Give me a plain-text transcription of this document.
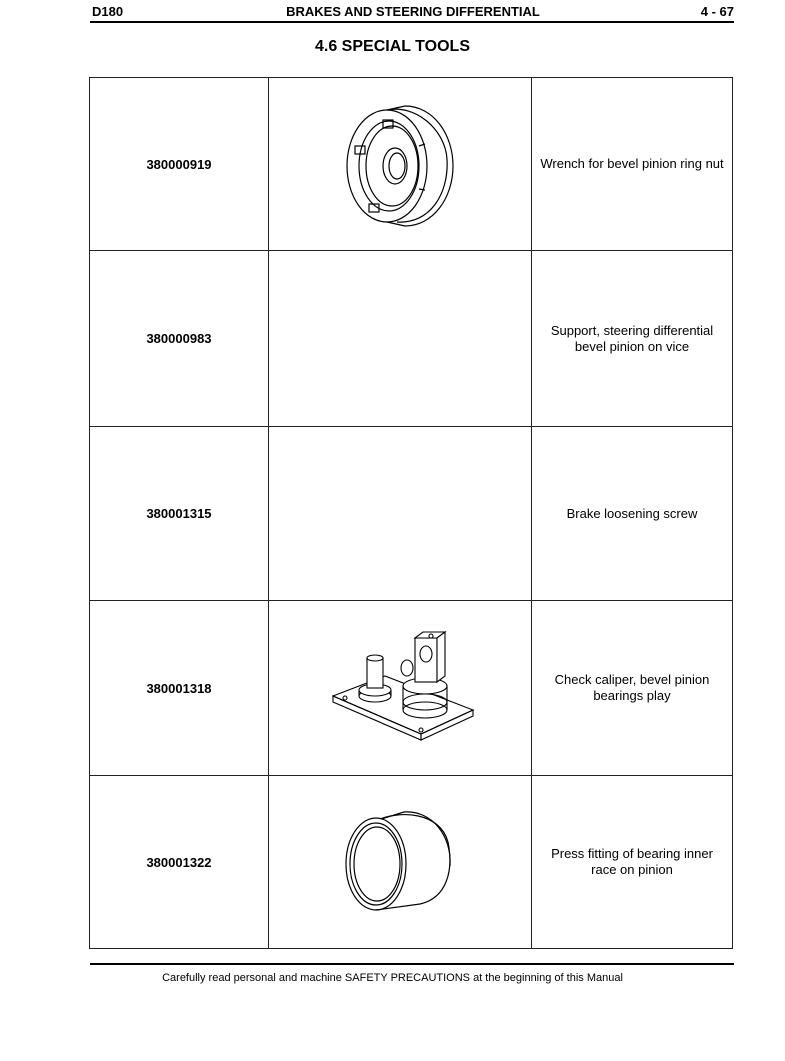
D180	BRAKES AND STEERING DIFFERENTIAL	4 - 67
4.6 SPECIAL TOOLS
380000919		Wrench for bevel pinion ring nut

380000983		Support, steering differential
bevel pinion on vice

380001315		Brake loosening screw

380001318		Check caliper, bevel pinion
bearings play

380001322		Press fitting of bearing inner
race on pinion
Carefully read personal and machine SAFETY PRECAUTIONS at the beginning of this Manual
